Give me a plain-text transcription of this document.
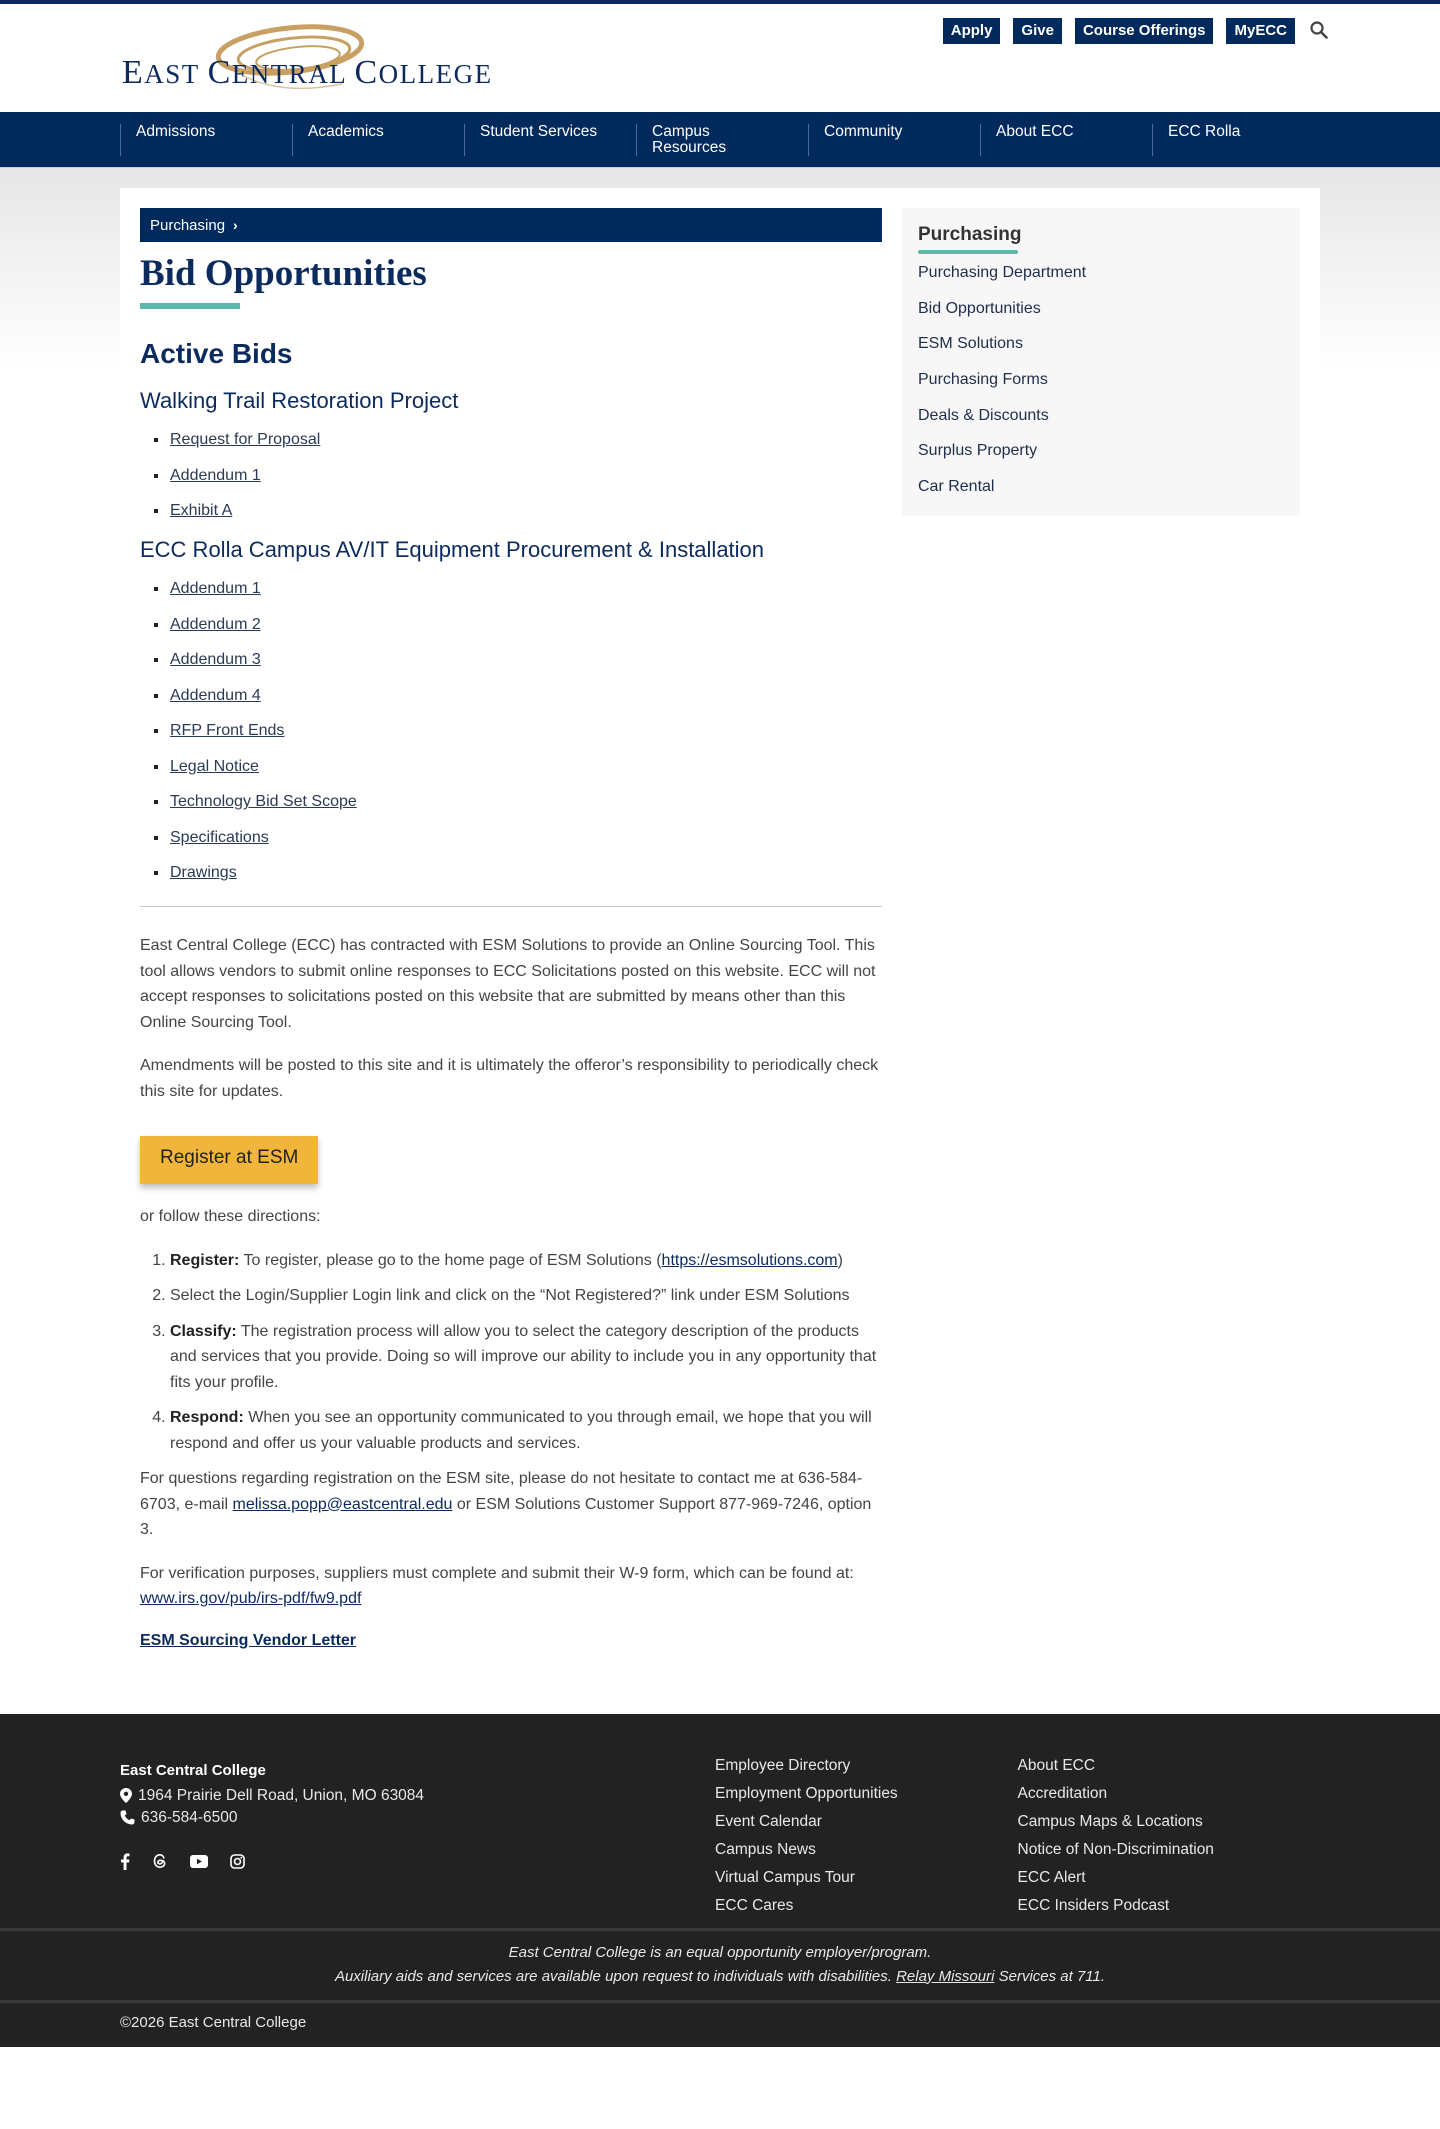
EAST CENTRAL COLLEGE
Apply	Give	Course Offerings	MyECC
Admissions	Academics	Student Services	Campus Resources
Community	About ECC	ECC Rolla
Purchasing ›
Bid Opportunities
Active Bids
Walking Trail Restoration Project
Request for Proposal
Addendum 1
Exhibit A
ECC Rolla Campus AV/IT Equipment Procurement & Installation
Addendum 1
Addendum 2
Addendum 3
Addendum 4
RFP Front Ends
Legal Notice
Technology Bid Set Scope
Specifications
Drawings

East Central College (ECC) has contracted with ESM Solutions to provide an Online Sourcing Tool. This tool allows vendors to submit online responses to ECC Solicitations posted on this website. ECC will not accept responses to solicitations posted on this website that are submitted by means other than this Online Sourcing Tool.

Amendments will be posted to this site and it is ultimately the offeror’s responsibility to periodically check this site for updates.

Register at ESM

or follow these directions:

1. Register: To register, please go to the home page of ESM Solutions (https://esmsolutions.com)
2. Select the Login/Supplier Login link and click on the “Not Registered?” link under ESM Solutions
3. Classify: The registration process will allow you to select the category description of the products and services that you provide. Doing so will improve our ability to include you in any opportunity that fits your profile.
4. Respond: When you see an opportunity communicated to you through email, we hope that you will respond and offer us your valuable products and services.

For questions regarding registration on the ESM site, please do not hesitate to contact me at 636-584-6703, e-mail melissa.popp@eastcentral.edu or ESM Solutions Customer Support 877-969-7246, option 3.

For verification purposes, suppliers must complete and submit their W-9 form, which can be found at: www.irs.gov/pub/irs-pdf/fw9.pdf

ESM Sourcing Vendor Letter
Purchasing
Purchasing Department
Bid Opportunities
ESM Solutions
Purchasing Forms
Deals & Discounts
Surplus Property
Car Rental
East Central College
1964 Prairie Dell Road, Union, MO 63084
636-584-6500
Employee Directory
Employment Opportunities
Event Calendar
Campus News
Virtual Campus Tour
ECC Cares
About ECC
Accreditation
Campus Maps & Locations
Notice of Non-Discrimination
ECC Alert
ECC Insiders Podcast
East Central College is an equal opportunity employer/program.
Auxiliary aids and services are available upon request to individuals with disabilities. Relay Missouri Services at 711.
©2026 East Central College
